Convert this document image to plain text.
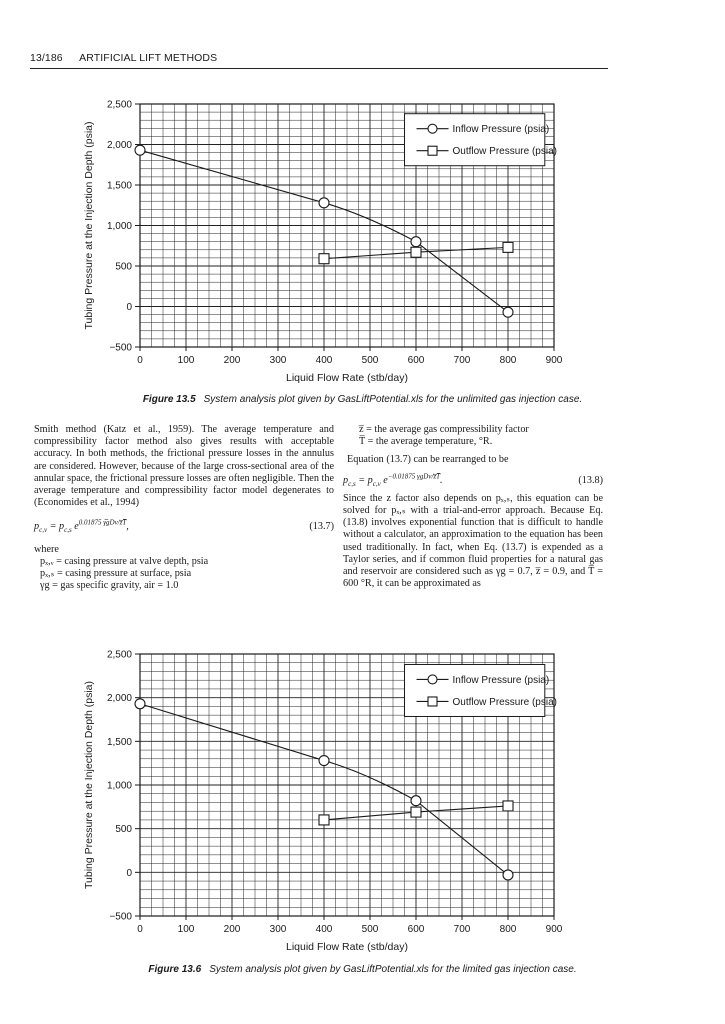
13/186 ARTIFICIAL LIFT METHODS
2,500
2,000
1,500
1,000
500
0
−500
0	100	200	300	400	500	600	700	800	900
Liquid Flow Rate (stb/day)
Tubing Pressure at the Injection Depth (psia)	Inflow Pressure (psia)
Outflow Pressure (psia)
Figure 13.5 System analysis plot given by GasLiftPotential.xls for the unlimited gas injection case.

Smith method (Katz et al., 1959). The average temperature and compressibility factor method also gives results with acceptable accuracy. In both methods, the frictional pressure losses in the annulus are considered. However, because of the large cross-sectional area of the annular space, the frictional pressure losses are often negligible. Then the average temperature and compressibility factor model degenerates to (Economides et al., 1994)

$p_{c,v} = p_{c,s}$ $e^{0.01875 \gamma̅gDv/z̅T̅}$,	(13.7)

where

pₓ,ᵥ = casing pressure at valve depth, psia
pₓ,ₛ = casing pressure at surface, psia
γg = gas specific gravity, air = 1.0
z̅ = the average gas compressibility factor
T̅ = the average temperature, °R.

Equation (13.7) can be rearranged to be

$p_{c,s} = p_{c,v}$ $e^{-0.01875 \gamma gDv/z̅T̅}$.	(13.8)

Since the z factor also depends on pₓ,ₛ, this equation can be solved for pₓ,ₛ with a trial-and-error approach. Because Eq. (13.8) involves exponential function that is difficult to handle without a calculator, an approximation to the equation has been used traditionally. In fact, when Eq. (13.7) is expended as a Taylor series, and if common fluid properties for a natural gas and reservoir are considered such as γg = 0.7, z̅ = 0.9, and T̅ = 600 °R, it can be approximated as

2,500
2,000
1,500
1,000
500
0
−500
0	100	200	300	400	500	600	700	800	900
Liquid Flow Rate (stb/day)
Tubing Pressure at the Injection Depth (psia)
Inflow Pressure (psia)
Outflow Pressure (psia)
Figure 13.6 System analysis plot given by GasLiftPotential.xls for the limited gas injection case.
